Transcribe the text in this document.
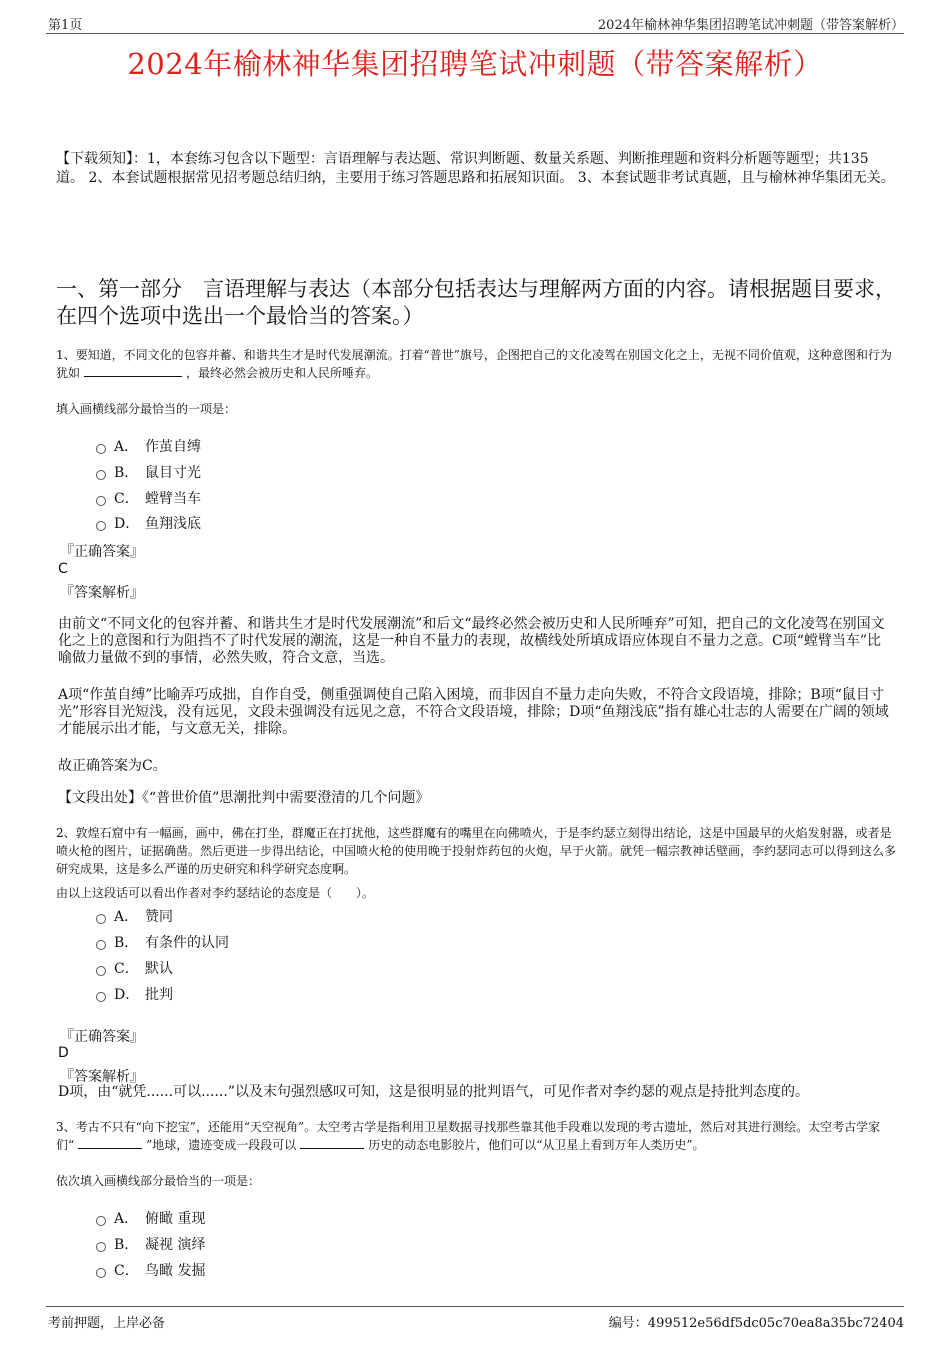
第1页	2024年榆林神华集团招聘笔试冲刺题（带答案解析）
2024年榆林神华集团招聘笔试冲刺题（带答案解析）
【下载须知】：1，本套练习包含以下题型：言语理解与表达题、常识判断题、数量关系题、判断推理题和资料分析题等题型；共135道。 2、本套试题根据常见招考题总结归纳，主要用于练习答题思路和拓展知识面。 3、本套试题非考试真题，且与榆林神华集团无关。
一、第一部分　言语理解与表达（本部分包括表达与理解两方面的内容。请根据题目要求，在四个选项中选出一个最恰当的答案。）
1、要知道，不同文化的包容并蓄、和谐共生才是时代发展潮流。打着“普世”旗号，企图把自己的文化凌驾在别国文化之上，无视不同价值观，这种意图和行为犹如	，最终必然会被历史和人民所唾弃。
填入画横线部分最恰当的一项是：
A． 作茧自缚
B． 鼠目寸光
C． 螳臂当车
D． 鱼翔浅底
『正确答案』
C
『答案解析』
由前文“不同文化的包容并蓄、和谐共生才是时代发展潮流”和后文“最终必然会被历史和人民所唾弃”可知，把自己的文化凌驾在别国文化之上的意图和行为阻挡不了时代发展的潮流，这是一种自不量力的表现，故横线处所填成语应体现自不量力之意。C项“螳臂当车”比喻做力量做不到的事情，必然失败，符合文意，当选。
A项“作茧自缚”比喻弄巧成拙，自作自受，侧重强调使自己陷入困境，而非因自不量力走向失败，不符合文段语境，排除；B项“鼠目寸光”形容目光短浅，没有远见，文段未强调没有远见之意，不符合文段语境，排除；D项“鱼翔浅底”指有雄心壮志的人需要在广阔的领域才能展示出才能，与文意无关，排除。
故正确答案为C。
【文段出处】《“普世价值”思潮批判中需要澄清的几个问题》
2、敦煌石窟中有一幅画，画中，佛在打坐，群魔正在打扰他，这些群魔有的嘴里在向佛喷火，于是李约瑟立刻得出结论，这是中国最早的火焰发射器，或者是喷火枪的图片，证据确凿。然后更进一步得出结论，中国喷火枪的使用晚于投射炸药包的火炮，早于火箭。就凭一幅宗教神话壁画，李约瑟同志可以得到这么多研究成果，这是多么严谨的历史研究和科学研究态度啊。
由以上这段话可以看出作者对李约瑟结论的态度是（　　）。
A． 赞同
B． 有条件的认同
C． 默认
D． 批判
『正确答案』
D
『答案解析』
D项，由“就凭......可以......”以及末句强烈感叹可知，这是很明显的批判语气，可见作者对李约瑟的观点是持批判态度的。
3、考古不只有“向下挖宝”，还能用“天空视角”。太空考古学是指利用卫星数据寻找那些靠其他手段难以发现的考古遗址，然后对其进行测绘。太空考古学家们“	”地球，遗迹变成一段段可以	历史的动态电影胶片，他们可以“从卫星上看到万年人类历史”。
依次填入画横线部分最恰当的一项是：
A． 俯瞰 重现
B． 凝视 演绎
C． 鸟瞰 发掘
考前押题，上岸必备	编号：499512e56df5dc05c70ea8a35bc72404
